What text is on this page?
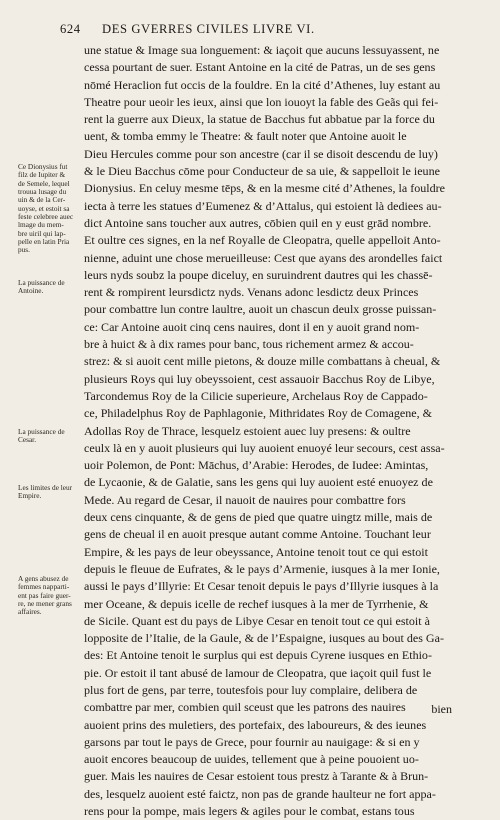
624 DES GVERRES CIVILES LIVRE VI.
Ce Dionysius fut
filz de Iupiter &
de Semele, lequel
trouua lusage du
uin & de la Cer-
uoyse, et estoit sa
feste celebree auec
lmage du mem-
bre uiril qui lap-
pelle en latin Pria
pus.
La puissance de
Antoine.
La puissance de
Cesar.
Les limites de leur
Empire.
A gens abusez de
femmes napparti-
ent pas faire guer-
re, ne mener grans
affaires.
une statue & Image sua longuement: & iaçoit que aucuns lessuyassent, ne
cessa pourtant de suer. Estant Antoine en la cité de Patras, un de ses gens
nōmé Heraclion fut occis de la fouldre. En la cité d’Athenes, luy estant au
Theatre pour ueoir les ieux, ainsi que lon iouoyt la fable des Geãs qui fei-
rent la guerre aux Dieux, la statue de Bacchus fut abbatue par la force du
uent, & tomba emmy le Theatre: & fault noter que Antoine auoit le
Dieu Hercules comme pour son ancestre (car il se disoit descendu de luy)
& le Dieu Bacchus cōme pour Conducteur de sa uie, & sappelloit le ieune
Dionysius. En celuy mesme tēps, & en la mesme cité d’Athenes, la fouldre
iecta à terre les statues d’Eumenez & d’Attalus, qui estoient là dediees au-
dict Antoine sans toucher aux autres, cōbien quil en y eust grād nombre.
Et oultre ces signes, en la nef Royalle de Cleopatra, quelle appelloit Anto-
nienne, aduint une chose merueilleuse: Cest que ayans des arondelles faict
leurs nyds soubz la poupe diceluy, en suruindrent dautres qui les chassē-
rent & rompirent leursdictz nyds. Venans adonc lesdictz deux Princes
pour combattre lun contre laultre, auoit un chascun deulx grosse puissan-
ce: Car Antoine auoit cinq cens nauires, dont il en y auoit grand nom-
bre à huict & à dix rames pour banc, tous richement armez & accou-
strez: & si auoit cent mille pietons, & douze mille combattans à cheual, &
plusieurs Roys qui luy obeyssoient, cest assauoir Bacchus Roy de Libye,
Tarcondemus Roy de la Cilicie superieure, Archelaus Roy de Cappado-
ce, Philadelphus Roy de Paphlagonie, Mithridates Roy de Comagene, &
Adollas Roy de Thrace, lesquelz estoient auec luy presens: & oultre
ceulx là en y auoit plusieurs qui luy auoient enuoyé leur secours, cest assa-
uoir Polemon, de Pont: Māchus, d’Arabie: Herodes, de Iudee: Amintas,
de Lycaonie, & de Galatie, sans les gens qui luy auoient esté enuoyez de
Mede. Au regard de Cesar, il nauoit de nauires pour combattre fors
deux cens cinquante, & de gens de pied que quatre uingtz mille, mais de
gens de cheual il en auoit presque autant comme Antoine. Touchant leur
Empire, & les pays de leur obeyssance, Antoine tenoit tout ce qui estoit
depuis le fleuue de Eufrates, & le pays d’Armenie, iusques à la mer Ionie,
aussi le pays d’Illyrie: Et Cesar tenoit depuis le pays d’Illyrie iusques à la
mer Oceane, & depuis icelle de rechef iusques à la mer de Tyrrhenie, &
de Sicile. Quant est du pays de Libye Cesar en tenoit tout ce qui estoit à
lopposite de l’Italie, de la Gaule, & de l’Espaigne, iusques au bout des Ga-
des: Et Antoine tenoit le surplus qui est depuis Cyrene iusques en Ethio-
pie. Or estoit il tant abusé de lamour de Cleopatra, que iaçoit quil fust le
plus fort de gens, par terre, toutesfois pour luy complaire, delibera de
combattre par mer, combien quil sceust que les patrons des nauires
auoient prins des muletiers, des portefaix, des laboureurs, & des ieunes
garsons par tout le pays de Grece, pour fournir au nauigage: & si en y
auoit encores beaucoup de uuides, tellement que à peine pouoient uo-
guer. Mais les nauires de Cesar estoient tous prestz à Tarante & à Brun-
des, lesquelz auoient esté faictz, non pas de grande haulteur ne fort appa-
rens pour la pompe, mais legers & agiles pour le combat, estans tous
bien
